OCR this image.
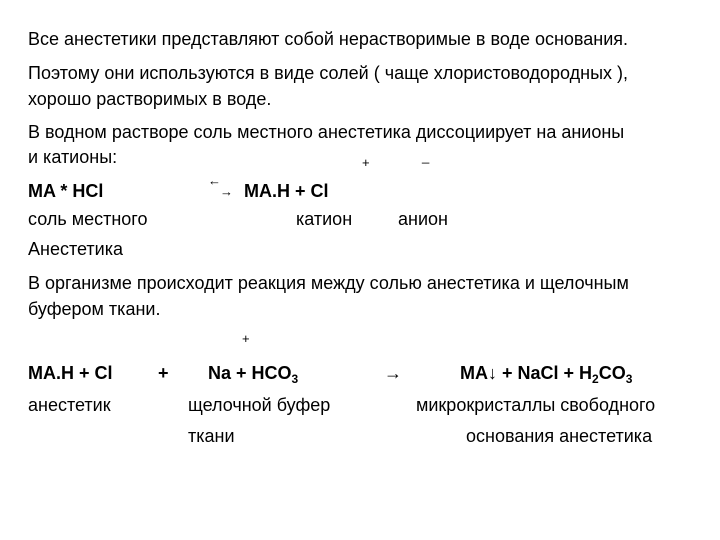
Все анестетики представляют собой нерастворимые в воде основания.
Поэтому они используются в виде солей ( чаще хлористоводородных ),
хорошо растворимых в воде.
В водном растворе соль местного анестетика диссоциирует на анионы
и катионы:	+	_
MA * HCl
←
→ MA.H + Cl
соль местного	катион	анион
Анестетика
В организме происходит реакция между солью анестетика и щелочным
буфером ткани.
+
MA.H + Cl	+ $Na + HCO_3$	→	MA↓ + NaCl + $H_2CO_3$
анестетик	щелочной буфер	микрокристаллы свободного
ткани	основания анестетика
